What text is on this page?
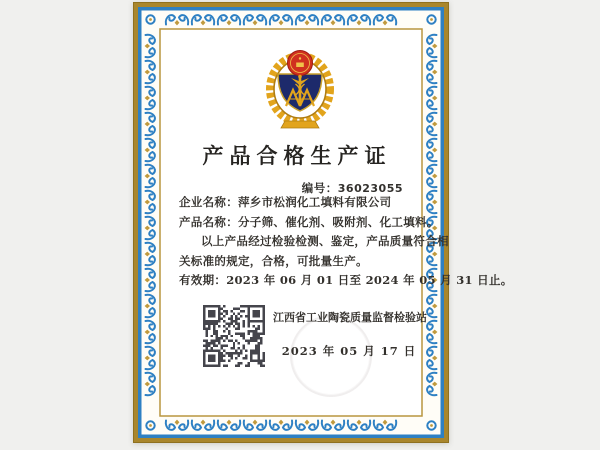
产品合格生产证
编号：36023055
企业名称：萍乡市松润化工填料有限公司
产品名称：分子筛、催化剂、吸附剂、化工填料。
以上产品经过检验检测、鉴定，产品质量符合相
关标准的规定，合格，可批量生产。
有效期：2023 年 06 月 01 日至 2024 年 05 月 31 日止。
江西省工业陶瓷质量监督检验站
2023 年 05 月 17 日
